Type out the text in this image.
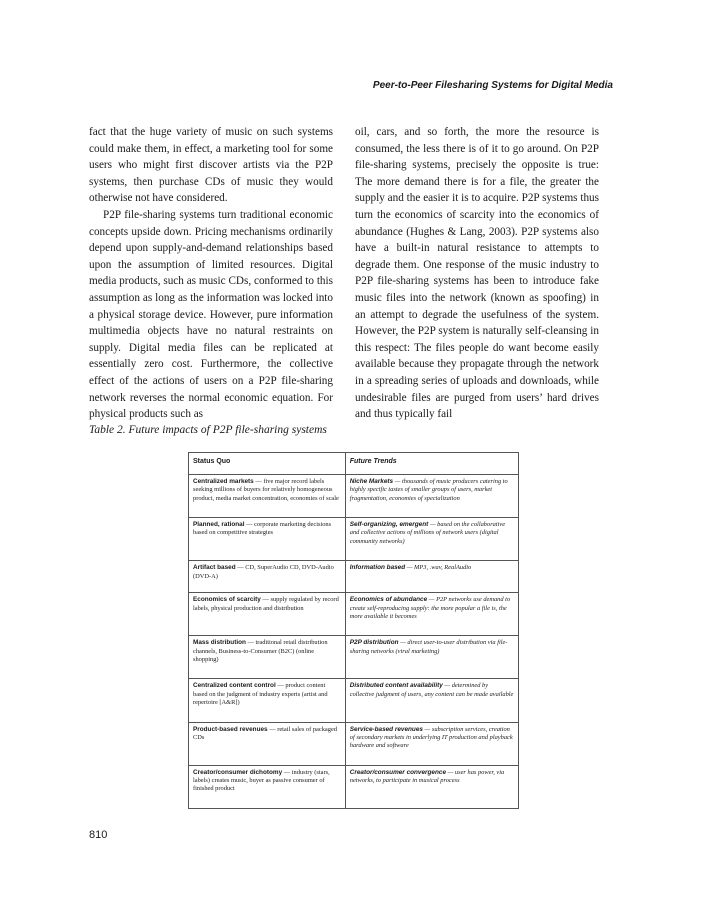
Peer-to-Peer Filesharing Systems for Digital Media

fact that the huge variety of music on such systems could make them, in effect, a marketing tool for some users who might first discover artists via the P2P systems, then purchase CDs of music they would otherwise not have considered.

P2P file-sharing systems turn traditional economic concepts upside down. Pricing mechanisms ordinarily depend upon supply-and-demand relationships based upon the assumption of limited resources. Digital media products, such as music CDs, conformed to this assumption as long as the information was locked into a physical storage device. However, pure information multimedia objects have no natural restraints on supply. Digital media files can be replicated at essentially zero cost. Furthermore, the collective effect of the actions of users on a P2P file-sharing network reverses the normal economic equation. For physical products such as

oil, cars, and so forth, the more the resource is consumed, the less there is of it to go around. On P2P file-sharing systems, precisely the opposite is true: The more demand there is for a file, the greater the supply and the easier it is to acquire. P2P systems thus turn the economics of scarcity into the economics of abundance (Hughes & Lang, 2003). P2P systems also have a built-in natural resistance to attempts to degrade them. One response of the music industry to P2P file-sharing systems has been to introduce fake music files into the network (known as spoofing) in an attempt to degrade the usefulness of the system. However, the P2P system is naturally self-cleansing in this respect: The files people do want become easily available because they propagate through the network in a spreading series of uploads and downloads, while undesirable files are purged from users’ hard drives and thus typically fail

Table 2. Future impacts of P2P file-sharing systems
Status Quo	Future Trends
Centralized markets — five major record labels seeking millions of buyers for relatively homogeneous product, media market concentration, economies of scale	Niche Markets — thousands of music producers catering to highly specific tastes of smaller groups of users, market fragmentation, economies of specialization
Planned, rational — corporate marketing decisions based on competitive strategies	Self-organizing, emergent — based on the collaborative and collective actions of millions of network users (digital community networks)
Artifact based — CD, SuperAudio CD, DVD-Audio (DVD-A)	Information based — MP3, .wav, RealAudio
Economics of scarcity — supply regulated by record labels, physical production and distribution	Economics of abundance — P2P networks use demand to create self-reproducing supply: the more popular a file is, the more available it becomes
Mass distribution — traditional retail distribution channels, Business-to-Consumer (B2C) (online shopping)	P2P distribution — direct user-to-user distribution via file-sharing networks (viral marketing)
Centralized content control — product content based on the judgment of industry experts (artist and repertoire [A&R])	Distributed content availability — determined by collective judgment of users, any content can be made available
Product-based revenues — retail sales of packaged CDs	Service-based revenues — subscription services, creation of secondary markets in underlying IT production and playback hardware and software
Creator/consumer dichotomy — industry (stars, labels) creates music, buyer as passive consumer of finished product	Creator/consumer convergence — user has power, via networks, to participate in musical process
810
